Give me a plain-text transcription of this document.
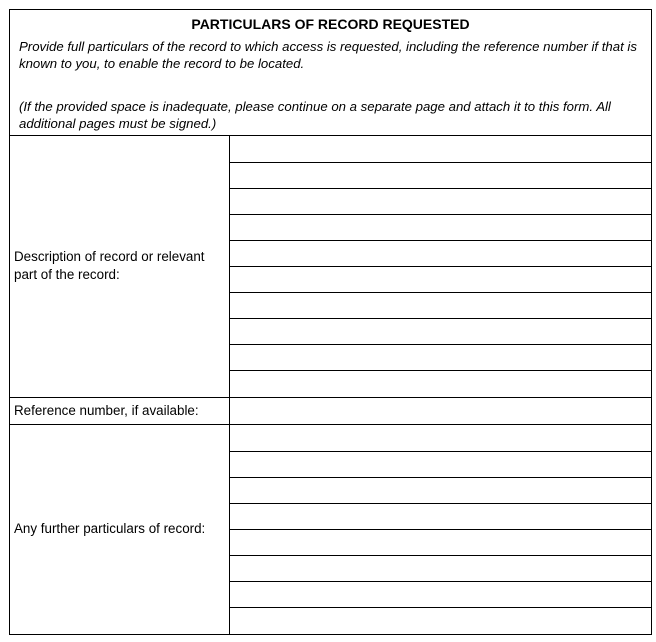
PARTICULARS OF RECORD REQUESTED
Provide full particulars of the record to which access is requested, including the reference number if that is known to you, to enable the record to be located.
(If the provided space is inadequate, please continue on a separate page and attach it to this form. All additional pages must be signed.)
Description of record or relevant part of the record:
Reference number, if available:
Any further particulars of record:
